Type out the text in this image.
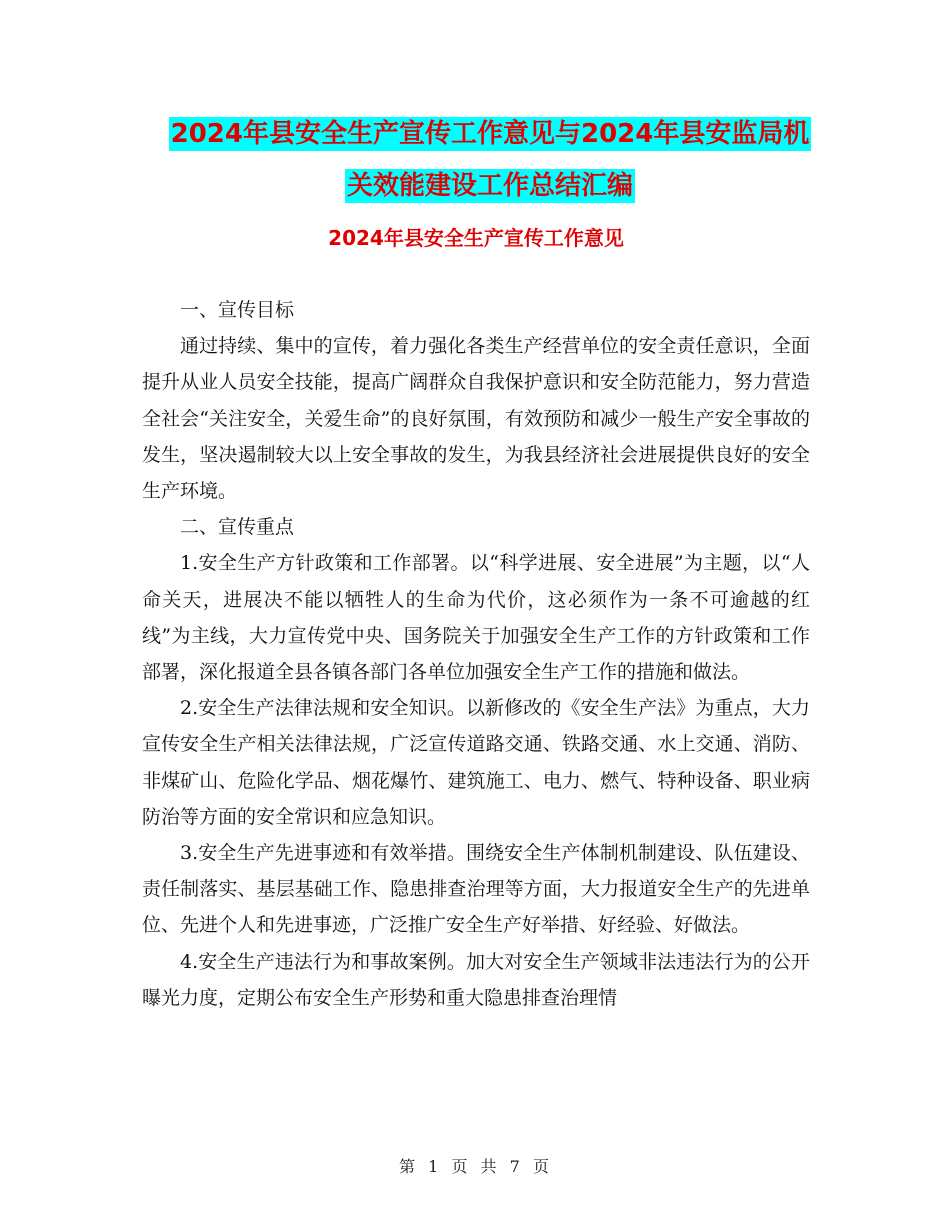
2024年县安全生产宣传工作意见与2024年县安监局机
关效能建设工作总结汇编
2024年县安全生产宣传工作意见

一、宣传目标

通过持续、集中的宣传，着力强化各类生产经营单位的安全责任意识，全面提升从业人员安全技能，提高广阔群众自我保护意识和安全防范能力，努力营造全社会“关注安全，关爱生命”的良好氛围，有效预防和减少一般生产安全事故的发生，坚决遏制较大以上安全事故的发生，为我县经济社会进展提供良好的安全生产环境。

二、宣传重点

1.安全生产方针政策和工作部署。以“科学进展、安全进展”为主题，以“人命关天，进展决不能以牺牲人的生命为代价，这必须作为一条不可逾越的红线”为主线，大力宣传党中央、国务院关于加强安全生产工作的方针政策和工作部署，深化报道全县各镇各部门各单位加强安全生产工作的措施和做法。

2.安全生产法律法规和安全知识。以新修改的《安全生产法》为重点，大力宣传安全生产相关法律法规，广泛宣传道路交通、铁路交通、水上交通、消防、非煤矿山、危险化学品、烟花爆竹、建筑施工、电力、燃气、特种设备、职业病防治等方面的安全常识和应急知识。

3.安全生产先进事迹和有效举措。围绕安全生产体制机制建设、队伍建设、责任制落实、基层基础工作、隐患排查治理等方面，大力报道安全生产的先进单位、先进个人和先进事迹，广泛推广安全生产好举措、好经验、好做法。

4.安全生产违法行为和事故案例。加大对安全生产领域非法违法行为的公开曝光力度，定期公布安全生产形势和重大隐患排查治理情

第 1 页 共 7 页
